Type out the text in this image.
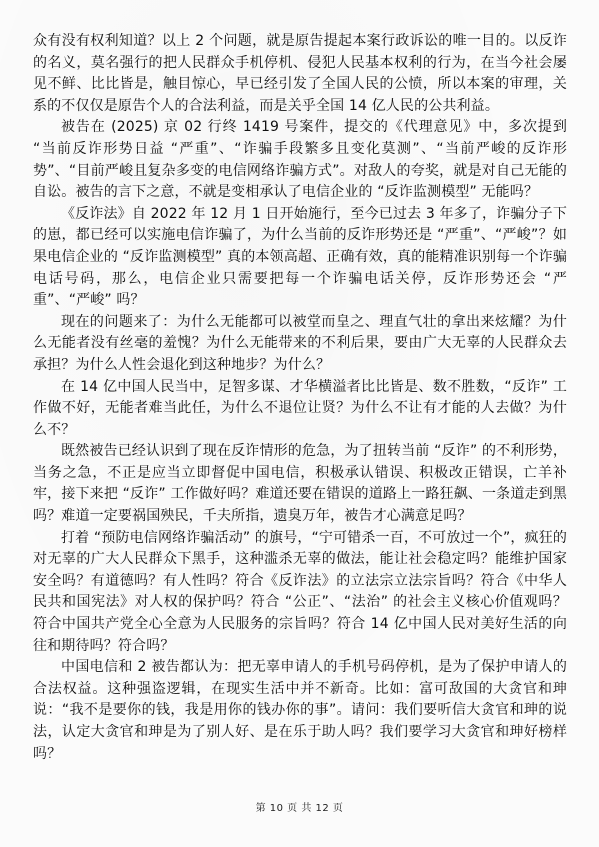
众有没有权利知道？以上 2 个问题，就是原告提起本案行政诉讼的唯一目的。以反诈的名义，莫名强行的把人民群众手机停机、侵犯人民基本权利的行为，在当今社会屡见不鲜、比比皆是，触目惊心，早已经引发了全国人民的公愤，所以本案的审理，关系的不仅仅是原告个人的合法利益，而是关乎全国 14 亿人民的公共利益。

被告在 (2025) 京 02 行终 1419 号案件，提交的《代理意见》中，多次提到 “当前反诈形势日益 “严重”、“诈骗手段繁多且变化莫测”、“当前严峻的反诈形势”、“目前严峻且复杂多变的电信网络诈骗方式”。对敌人的夸奖，就是对自己无能的自讼。被告的言下之意，不就是变相承认了电信企业的 “反诈监测模型” 无能吗？

《反诈法》自 2022 年 12 月 1 日开始施行，至今已过去 3 年多了，诈骗分子下的崽，都已经可以实施电信诈骗了，为什么当前的反诈形势还是 “严重”、“严峻”？如果电信企业的 “反诈监测模型” 真的本领高超、正确有效，真的能精准识别每一个诈骗电话号码，那么，电信企业只需要把每一个诈骗电话关停，反诈形势还会 “严重”、“严峻” 吗？

现在的问题来了：为什么无能都可以被堂而皇之、理直气壮的拿出来炫耀？为什么无能者没有丝毫的羞愧？为什么无能带来的不利后果，要由广大无辜的人民群众去承担？为什么人性会退化到这种地步？为什么？

在 14 亿中国人民当中，足智多谋、才华横溢者比比皆是、数不胜数，“反诈” 工作做不好，无能者难当此任，为什么不退位让贤？为什么不让有才能的人去做？为什么不？

既然被告已经认识到了现在反诈情形的危急，为了扭转当前 “反诈” 的不利形势，当务之急，不正是应当立即督促中国电信，积极承认错误、积极改正错误，亡羊补牢，接下来把 “反诈” 工作做好吗？难道还要在错误的道路上一路狂飙、一条道走到黑吗？难道一定要祸国殃民，千夫所指，遗臭万年，被告才心满意足吗？

打着 “预防电信网络诈骗活动” 的旗号，“宁可错杀一百，不可放过一个”，疯狂的对无辜的广大人民群众下黑手，这种滥杀无辜的做法，能让社会稳定吗？能维护国家安全吗？有道德吗？有人性吗？符合《反诈法》的立法宗立法宗旨吗？符合《中华人民共和国宪法》对人权的保护吗？符合 “公正”、“法治” 的社会主义核心价值观吗？符合中国共产党全心全意为人民服务的宗旨吗？符合 14 亿中国人民对美好生活的向往和期待吗？符合吗？

中国电信和 2 被告都认为：把无辜申请人的手机号码停机，是为了保护申请人的合法权益。这种强盗逻辑，在现实生活中并不新奇。比如：富可敌国的大贪官和珅说：“我不是要你的钱，我是用你的钱办你的事”。请问：我们要听信大贪官和珅的说法，认定大贪官和珅是为了别人好、是在乐于助人吗？我们要学习大贪官和珅好榜样吗？

第 10 页 共 12 页
